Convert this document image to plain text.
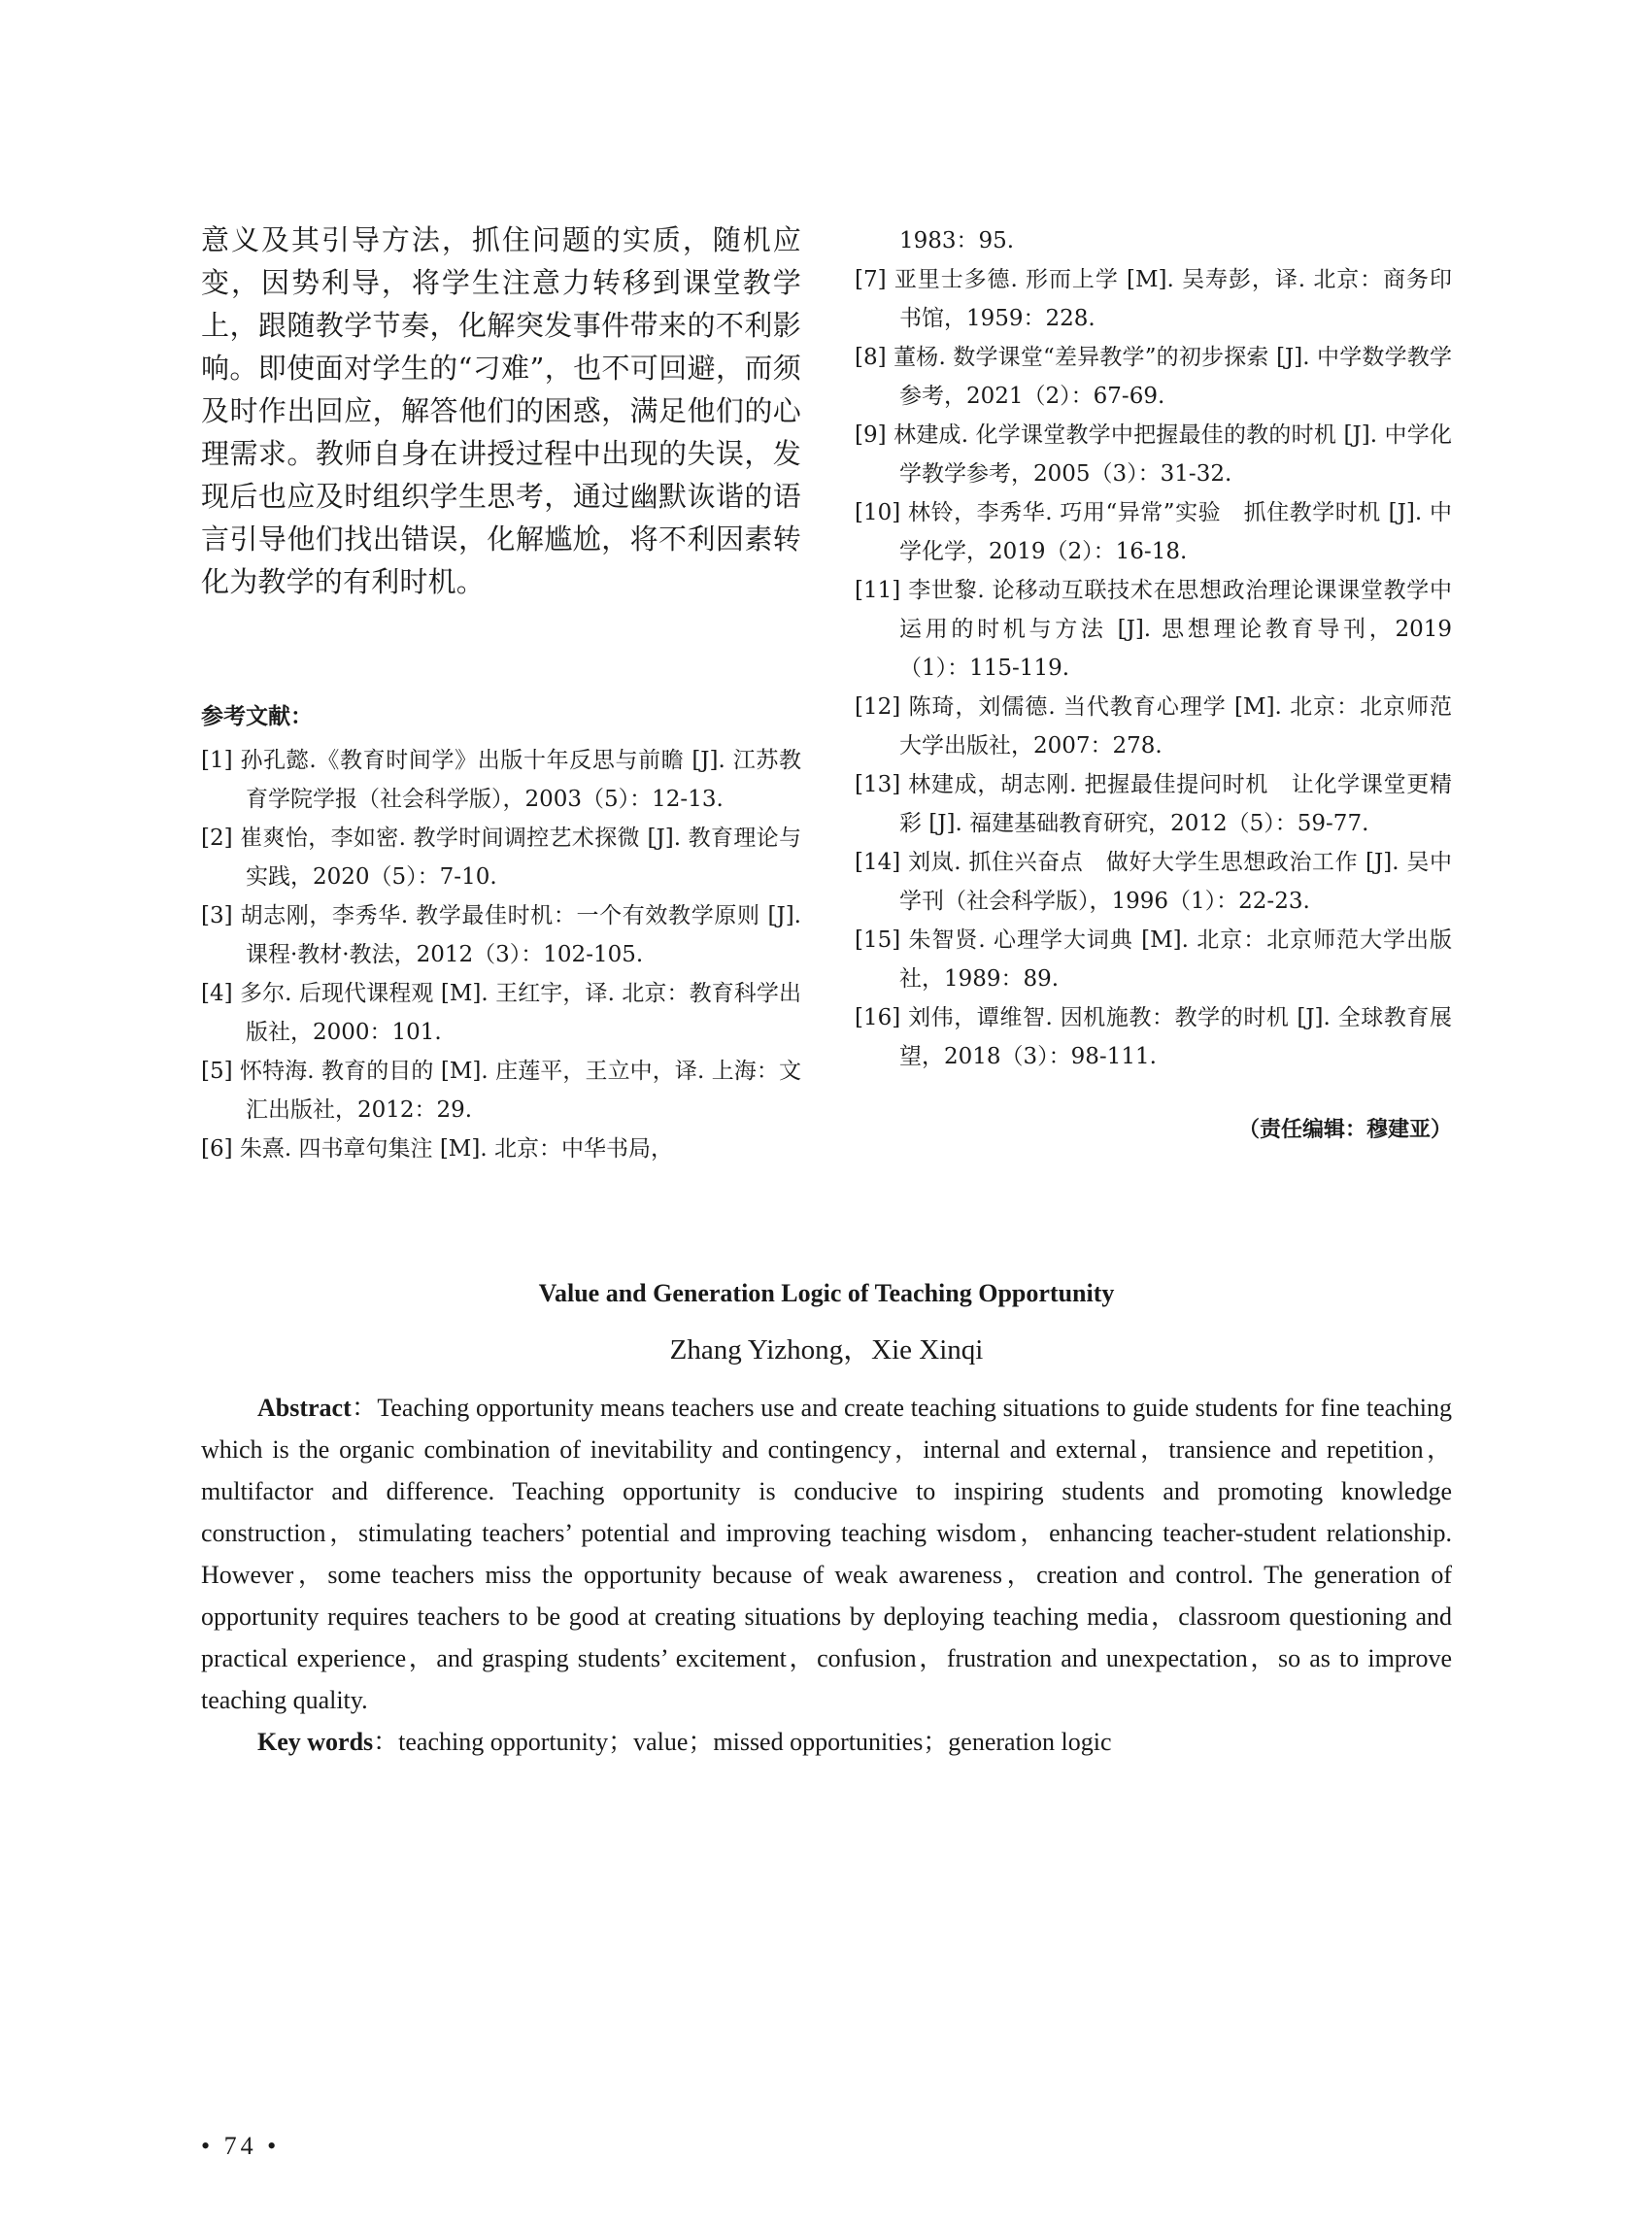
意义及其引导方法，抓住问题的实质，随机应变，因势利导，将学生注意力转移到课堂教学上，跟随教学节奏，化解突发事件带来的不利影响。即使面对学生的“刁难”，也不可回避，而须及时作出回应，解答他们的困惑，满足他们的心理需求。教师自身在讲授过程中出现的失误，发现后也应及时组织学生思考，通过幽默诙谐的语言引导他们找出错误，化解尴尬，将不利因素转化为教学的有利时机。

参考文献：

[1] 孙孔懿.《教育时间学》出版十年反思与前瞻 [J]. 江苏教育学院学报（社会科学版），2003（5）：12-13.

[2] 崔爽怡，李如密. 教学时间调控艺术探微 [J]. 教育理论与实践，2020（5）：7-10.

[3] 胡志刚，李秀华. 教学最佳时机：一个有效教学原则 [J]. 课程·教材·教法，2012（3）：102-105.

[4] 多尔. 后现代课程观 [M]. 王红宇，译. 北京：教育科学出版社，2000：101.

[5] 怀特海. 教育的目的 [M]. 庄莲平，王立中，译. 上海：文汇出版社，2012：29.

[6] 朱熹. 四书章句集注 [M]. 北京：中华书局，

1983：95.

[7] 亚里士多德. 形而上学 [M]. 吴寿彭，译. 北京：商务印书馆，1959：228.

[8] 董杨. 数学课堂“差异教学”的初步探索 [J]. 中学数学教学参考，2021（2）：67-69.

[9] 林建成. 化学课堂教学中把握最佳的教的时机 [J]. 中学化学教学参考，2005（3）：31-32.

[10] 林铃，李秀华. 巧用“异常”实验　抓住教学时机 [J]. 中学化学，2019（2）：16-18.

[11] 李世黎. 论移动互联技术在思想政治理论课课堂教学中运用的时机与方法 [J]. 思想理论教育导刊，2019（1）：115-119.

[12] 陈琦，刘儒德. 当代教育心理学 [M]. 北京：北京师范大学出版社，2007：278.

[13] 林建成，胡志刚. 把握最佳提问时机　让化学课堂更精彩 [J]. 福建基础教育研究，2012（5）：59-77.

[14] 刘岚. 抓住兴奋点　做好大学生思想政治工作 [J]. 吴中学刊（社会科学版），1996（1）：22-23.

[15] 朱智贤. 心理学大词典 [M]. 北京：北京师范大学出版社，1989：89.

[16] 刘伟，谭维智. 因机施教：教学的时机 [J]. 全球教育展望，2018（3）：98-111.

（责任编辑：穆建亚）
Value and Generation Logic of Teaching Opportunity
Zhang Yizhong，Xie Xinqi

Abstract：Teaching opportunity means teachers use and create teaching situations to guide students for fine teaching which is the organic combination of inevitability and contingency，internal and external，transience and repetition，multifactor and difference. Teaching opportunity is conducive to inspiring students and promoting knowledge construction，stimulating teachers’ potential and improving teaching wisdom，enhancing teacher-student relationship. However，some teachers miss the opportunity because of weak awareness，creation and control. The generation of opportunity requires teachers to be good at creating situations by deploying teaching media，classroom questioning and practical experience，and grasping students’ excitement，confusion，frustration and unexpectation，so as to improve teaching quality.

Key words：teaching opportunity；value；missed opportunities；generation logic

• 74 •
